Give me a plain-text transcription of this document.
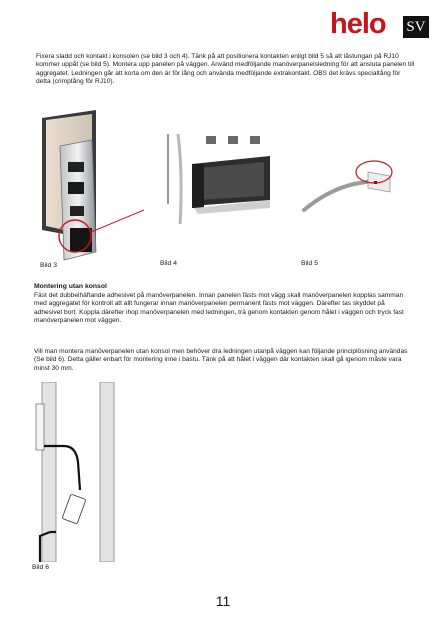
helo SV

Fixera sladd och kontakt i konsolen (se bild 3 och 4). Tänk på att positionera kontakten enligt bild 5 så att låstungan på RJ10 kommer uppåt (se bild 5). Montera upp panelen på väggen. Använd medföljande manöverpanelsledning för att ansluta panelen till aggregatet. Ledningen går att korta om den är för lång och använda medföljande extrakontakt. OBS det krävs specialtång för detta (crimptång för RJ10).

Bild 3	Bild 4	Bild 5

Montering utan konsol

Fäst det dubbelhäftande adhesivet på manöverpanelen. Innan panelen fästs mot vägg skall manöverpanelen kopplas samman med aggregatet för kontroll att allt fungerar innan manöverpanelen permanent fästs mot väggen. Därefter tas skyddet på adhesivet bort. Koppla därefter ihop manöverpanelen med ledningen, trä genom kontakten genom hålet i väggen och tryck fast manöverpanelen mot väggen.

Vill man montera manöverpanelen utan konsol men behöver dra ledningen utanpå väggen kan följande principlösning användas (Se bild 6). Detta gäller enbart för montering inne i bastu. Tänk på att hålet i väggen där kontakten skall gå igenom måste vara minst 30 mm.

Bild 6
11
